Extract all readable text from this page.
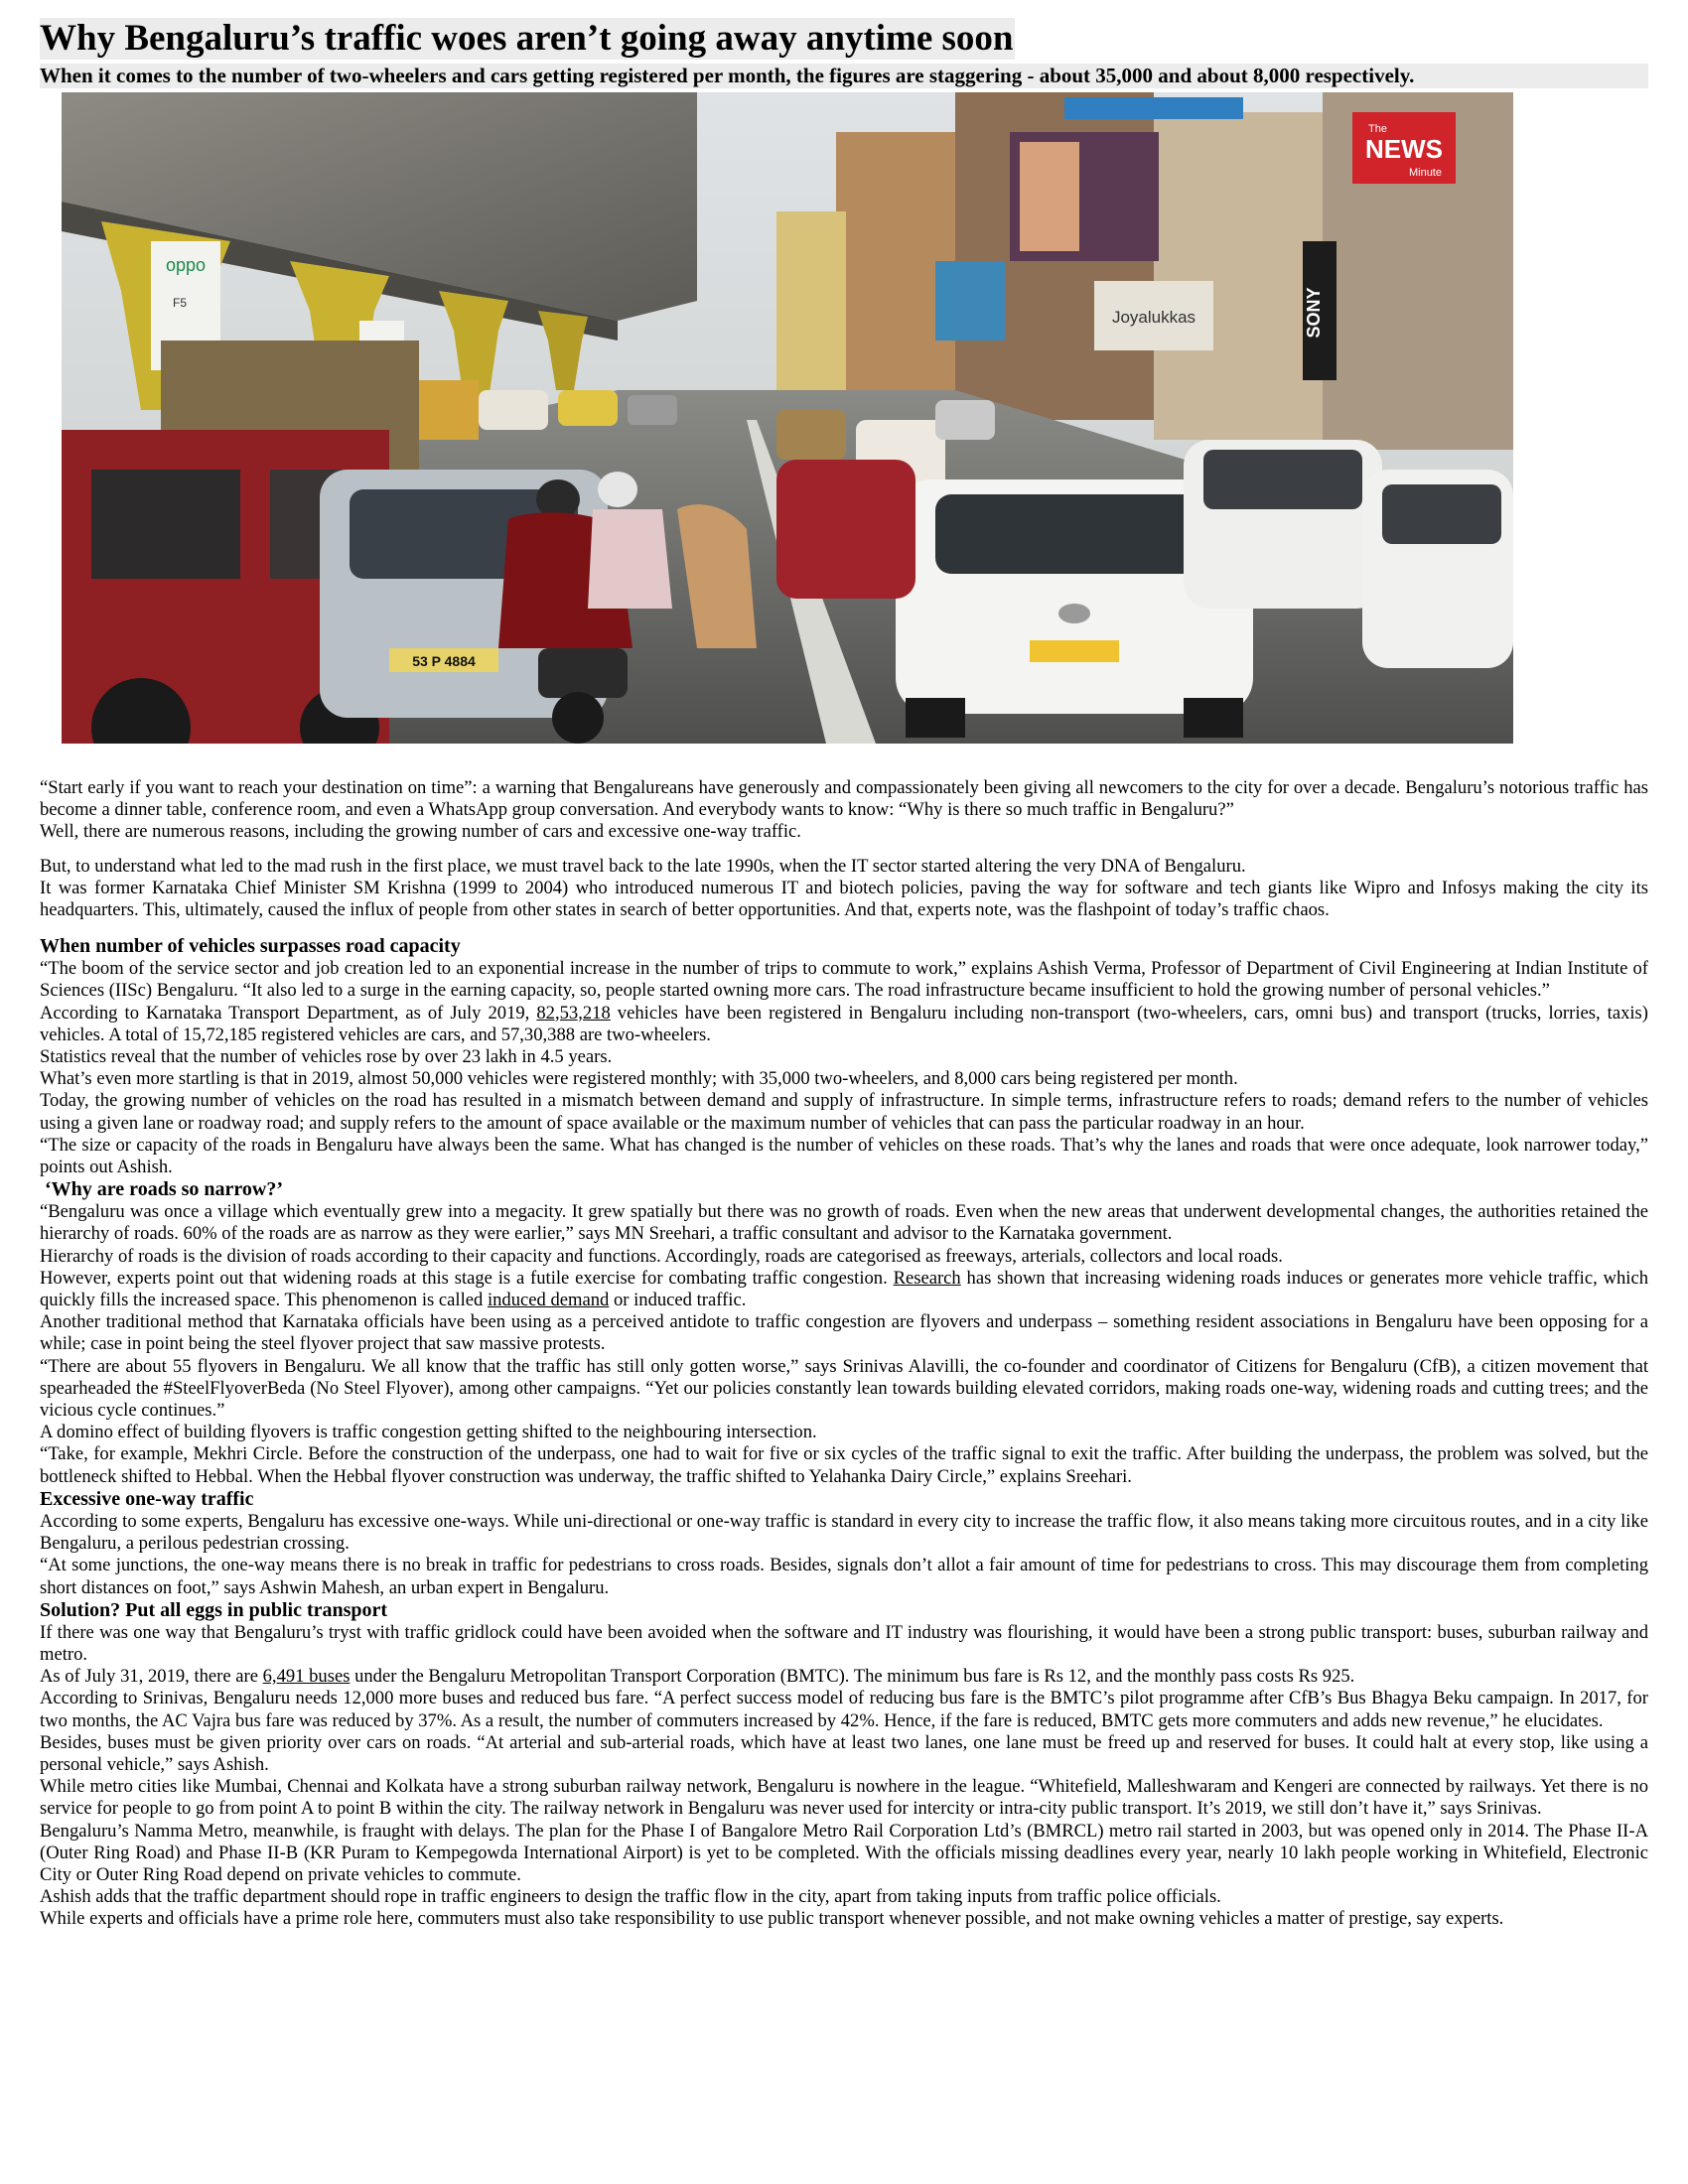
Why Bengaluru’s traffic woes aren’t going away anytime soon
When it comes to the number of two-wheelers and cars getting registered per month, the figures are staggering - about 35,000 and about 8,000 respectively.
Joyalukkas	SONY
The
NEWS
Minute
oppo
F5
53 P 4884

“Start early if you want to reach your destination on time”: a warning that Bengalureans have generously and compassionately been giving all newcomers to the city for over a decade. Bengaluru’s notorious traffic has become a dinner table, conference room, and even a WhatsApp group conversation. And everybody wants to know: “Why is there so much traffic in Bengaluru?”

Well, there are numerous reasons, including the growing number of cars and excessive one-way traffic.

But, to understand what led to the mad rush in the first place, we must travel back to the late 1990s, when the IT sector started altering the very DNA of Bengaluru.

It was former Karnataka Chief Minister SM Krishna (1999 to 2004) who introduced numerous IT and biotech policies, paving the way for software and tech giants like Wipro and Infosys making the city its headquarters. This, ultimately, caused the influx of people from other states in search of better opportunities. And that, experts note, was the flashpoint of today’s traffic chaos.

When number of vehicles surpasses road capacity

“The boom of the service sector and job creation led to an exponential increase in the number of trips to commute to work,” explains Ashish Verma, Professor of Department of Civil Engineering at Indian Institute of Sciences (IISc) Bengaluru. “It also led to a surge in the earning capacity, so, people started owning more cars. The road infrastructure became insufficient to hold the growing number of personal vehicles.”

According to Karnataka Transport Department, as of July 2019, 82,53,218 vehicles have been registered in Bengaluru including non-transport (two-wheelers, cars, omni bus) and transport (trucks, lorries, taxis) vehicles. A total of 15,72,185 registered vehicles are cars, and 57,30,388 are two-wheelers.

Statistics reveal that the number of vehicles rose by over 23 lakh in 4.5 years.

What’s even more startling is that in 2019, almost 50,000 vehicles were registered monthly; with 35,000 two-wheelers, and 8,000 cars being registered per month.

Today, the growing number of vehicles on the road has resulted in a mismatch between demand and supply of infrastructure. In simple terms, infrastructure refers to roads; demand refers to the number of vehicles using a given lane or roadway road; and supply refers to the amount of space available or the maximum number of vehicles that can pass the particular roadway in an hour.

“The size or capacity of the roads in Bengaluru have always been the same. What has changed is the number of vehicles on these roads. That’s why the lanes and roads that were once adequate, look narrower today,” points out Ashish.

‘Why are roads so narrow?’

“Bengaluru was once a village which eventually grew into a megacity. It grew spatially but there was no growth of roads. Even when the new areas that underwent developmental changes, the authorities retained the hierarchy of roads. 60% of the roads are as narrow as they were earlier,” says MN Sreehari, a traffic consultant and advisor to the Karnataka government.

Hierarchy of roads is the division of roads according to their capacity and functions. Accordingly, roads are categorised as freeways, arterials, collectors and local roads.

However, experts point out that widening roads at this stage is a futile exercise for combating traffic congestion. Research has shown that increasing widening roads induces or generates more vehicle traffic, which quickly fills the increased space. This phenomenon is called induced demand or induced traffic.

Another traditional method that Karnataka officials have been using as a perceived antidote to traffic congestion are flyovers and underpass – something resident associations in Bengaluru have been opposing for a while; case in point being the steel flyover project that saw massive protests.

“There are about 55 flyovers in Bengaluru. We all know that the traffic has still only gotten worse,” says Srinivas Alavilli, the co-founder and coordinator of Citizens for Bengaluru (CfB), a citizen movement that spearheaded the #SteelFlyoverBeda (No Steel Flyover), among other campaigns. “Yet our policies constantly lean towards building elevated corridors, making roads one-way, widening roads and cutting trees; and the vicious cycle continues.”

A domino effect of building flyovers is traffic congestion getting shifted to the neighbouring intersection.

“Take, for example, Mekhri Circle. Before the construction of the underpass, one had to wait for five or six cycles of the traffic signal to exit the traffic. After building the underpass, the problem was solved, but the bottleneck shifted to Hebbal. When the Hebbal flyover construction was underway, the traffic shifted to Yelahanka Dairy Circle,” explains Sreehari.

Excessive one-way traffic

According to some experts, Bengaluru has excessive one-ways. While uni-directional or one-way traffic is standard in every city to increase the traffic flow, it also means taking more circuitous routes, and in a city like Bengaluru, a perilous pedestrian crossing.

“At some junctions, the one-way means there is no break in traffic for pedestrians to cross roads. Besides, signals don’t allot a fair amount of time for pedestrians to cross. This may discourage them from completing short distances on foot,” says Ashwin Mahesh, an urban expert in Bengaluru.

Solution? Put all eggs in public transport

If there was one way that Bengaluru’s tryst with traffic gridlock could have been avoided when the software and IT industry was flourishing, it would have been a strong public transport: buses, suburban railway and metro.

As of July 31, 2019, there are 6,491 buses under the Bengaluru Metropolitan Transport Corporation (BMTC). The minimum bus fare is Rs 12, and the monthly pass costs Rs 925.

According to Srinivas, Bengaluru needs 12,000 more buses and reduced bus fare. “A perfect success model of reducing bus fare is the BMTC’s pilot programme after CfB’s Bus Bhagya Beku campaign. In 2017, for two months, the AC Vajra bus fare was reduced by 37%. As a result, the number of commuters increased by 42%. Hence, if the fare is reduced, BMTC gets more commuters and adds new revenue,” he elucidates.

Besides, buses must be given priority over cars on roads. “At arterial and sub-arterial roads, which have at least two lanes, one lane must be freed up and reserved for buses. It could halt at every stop, like using a personal vehicle,” says Ashish.

While metro cities like Mumbai, Chennai and Kolkata have a strong suburban railway network, Bengaluru is nowhere in the league. “Whitefield, Malleshwaram and Kengeri are connected by railways. Yet there is no service for people to go from point A to point B within the city. The railway network in Bengaluru was never used for intercity or intra-city public transport. It’s 2019, we still don’t have it,” says Srinivas.

Bengaluru’s Namma Metro, meanwhile, is fraught with delays. The plan for the Phase I of Bangalore Metro Rail Corporation Ltd’s (BMRCL) metro rail started in 2003, but was opened only in 2014. The Phase II-A (Outer Ring Road) and Phase II-B (KR Puram to Kempegowda International Airport) is yet to be completed. With the officials missing deadlines every year, nearly 10 lakh people working in Whitefield, Electronic City or Outer Ring Road depend on private vehicles to commute.

Ashish adds that the traffic department should rope in traffic engineers to design the traffic flow in the city, apart from taking inputs from traffic police officials.

While experts and officials have a prime role here, commuters must also take responsibility to use public transport whenever possible, and not make owning vehicles a matter of prestige, say experts.
